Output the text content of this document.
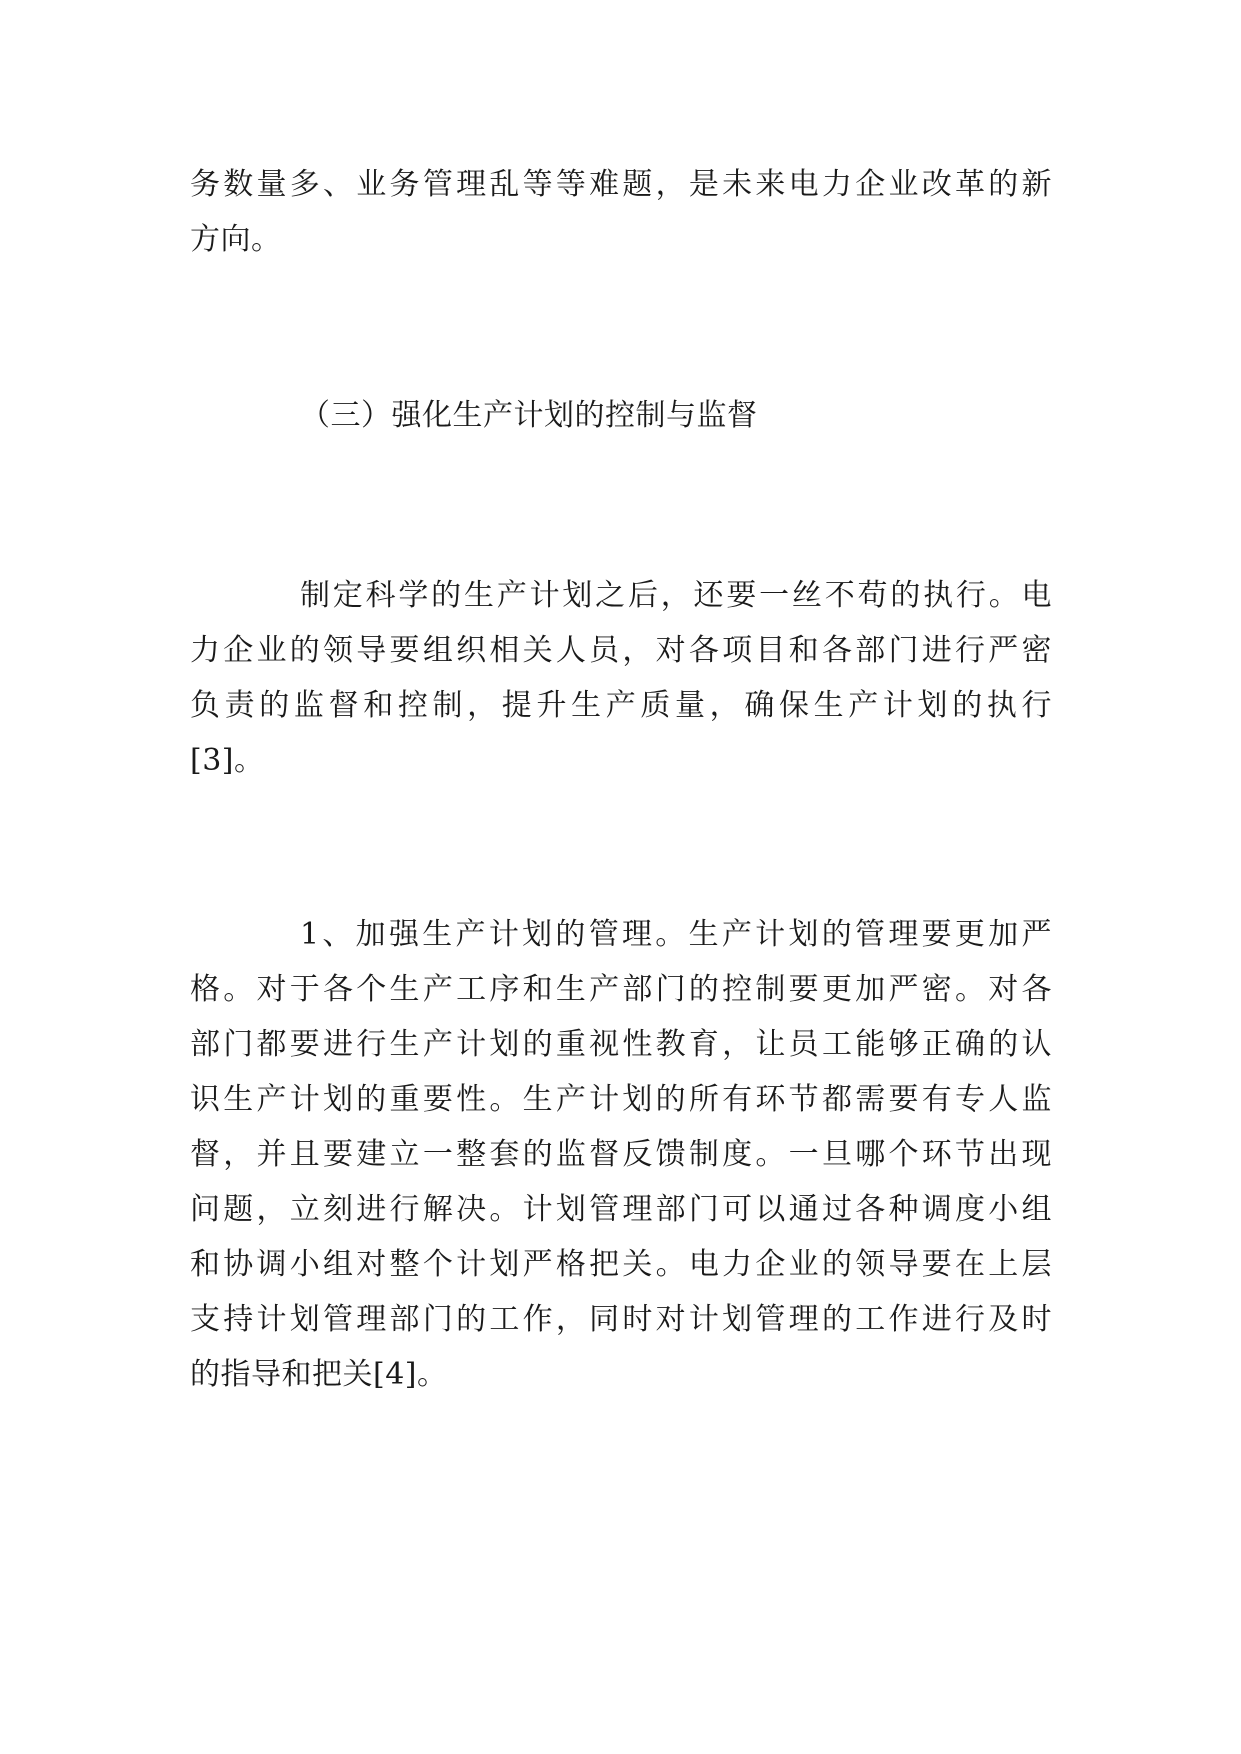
务数量多、业务管理乱等等难题，是未来电力企业改革的新
方向。
（三）强化生产计划的控制与监督
制定科学的生产计划之后，还要一丝不苟的执行。电
力企业的领导要组织相关人员，对各项目和各部门进行严密
负责的监督和控制，提升生产质量，确保生产计划的执行
[3]。
1、加强生产计划的管理。生产计划的管理要更加严
格。对于各个生产工序和生产部门的控制要更加严密。对各
部门都要进行生产计划的重视性教育，让员工能够正确的认
识生产计划的重要性。生产计划的所有环节都需要有专人监
督，并且要建立一整套的监督反馈制度。一旦哪个环节出现
问题，立刻进行解决。计划管理部门可以通过各种调度小组
和协调小组对整个计划严格把关。电力企业的领导要在上层
支持计划管理部门的工作，同时对计划管理的工作进行及时
的指导和把关[4]。
